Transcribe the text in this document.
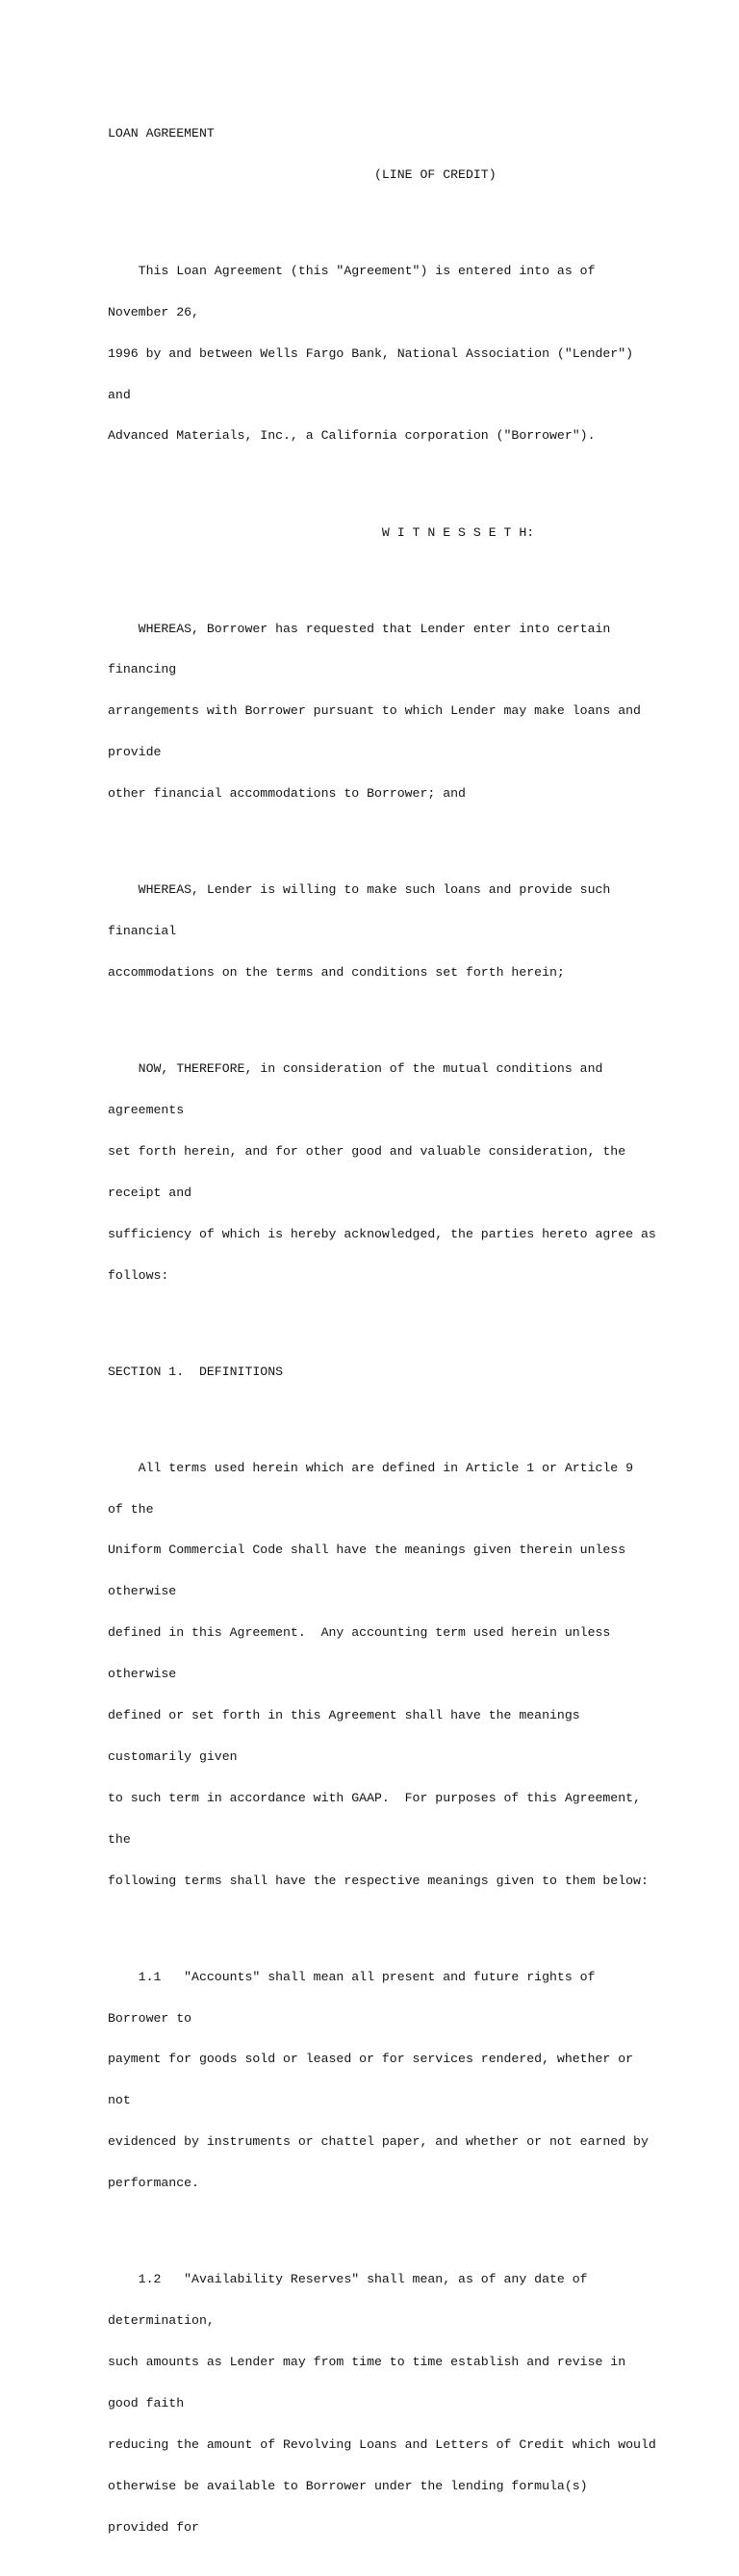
LOAN AGREEMENT

(LINE OF CREDIT)

This Loan Agreement (this "Agreement") is entered into as of

November 26,

1996 by and between Wells Fargo Bank, National Association ("Lender")

and

Advanced Materials, Inc., a California corporation ("Borrower").

W I T N E S S E T H:

WHEREAS, Borrower has requested that Lender enter into certain

financing

arrangements with Borrower pursuant to which Lender may make loans and

provide

other financial accommodations to Borrower; and

WHEREAS, Lender is willing to make such loans and provide such

financial

accommodations on the terms and conditions set forth herein;

NOW, THEREFORE, in consideration of the mutual conditions and

agreements

set forth herein, and for other good and valuable consideration, the

receipt and

sufficiency of which is hereby acknowledged, the parties hereto agree as

follows:

SECTION 1.  DEFINITIONS

All terms used herein which are defined in Article 1 or Article 9

of the

Uniform Commercial Code shall have the meanings given therein unless

otherwise

defined in this Agreement.  Any accounting term used herein unless

otherwise

defined or set forth in this Agreement shall have the meanings

customarily given

to such term in accordance with GAAP.  For purposes of this Agreement,

the

following terms shall have the respective meanings given to them below:

1.1   "Accounts" shall mean all present and future rights of

Borrower to

payment for goods sold or leased or for services rendered, whether or

not

evidenced by instruments or chattel paper, and whether or not earned by

performance.

1.2   "Availability Reserves" shall mean, as of any date of

determination,

such amounts as Lender may from time to time establish and revise in

good faith

reducing the amount of Revolving Loans and Letters of Credit which would

otherwise be available to Borrower under the lending formula(s)

provided for
